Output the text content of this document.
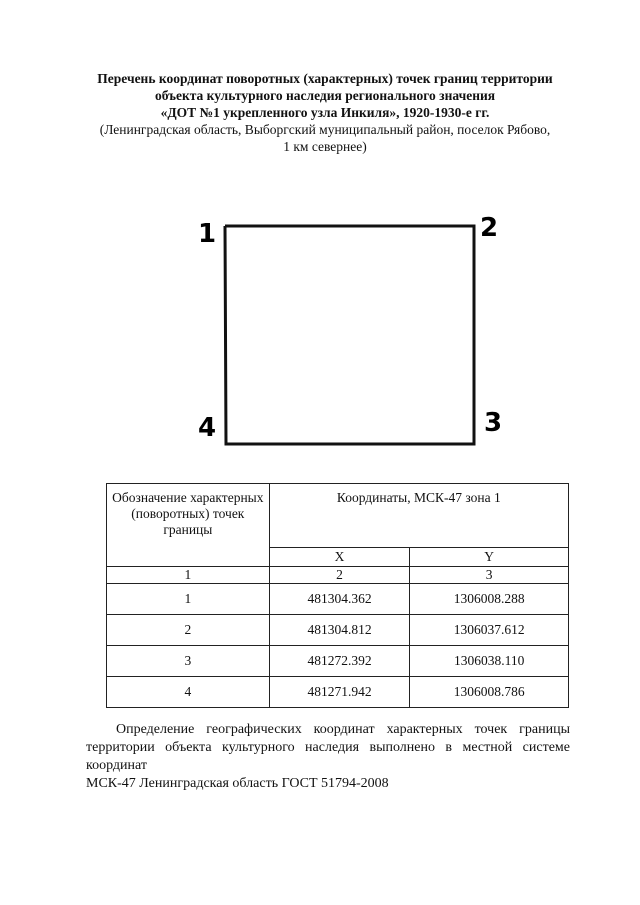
Перечень координат поворотных (характерных) точек границ территории
объекта культурного наследия регионального значения
«ДОТ №1 укрепленного узла Инкиля», 1920-1930-е гг.
(Ленинградская область, Выборгский муниципальный район, поселок Рябово,
1 км севернее)
1	2
3
4
Обозначение характерных (поворотных) точек границы	Координаты, МСК-47 зона 1	
	X	Y
1	2	3
1	481304.362	1306008.288
2	481304.812	1306037.612
3	481272.392	1306038.110
4	481271.942	1306008.786
Определение географических координат характерных точек границы
территории объекта культурного наследия выполнено в местной системе координат
МСК-47 Ленинградская область ГОСТ 51794-2008
